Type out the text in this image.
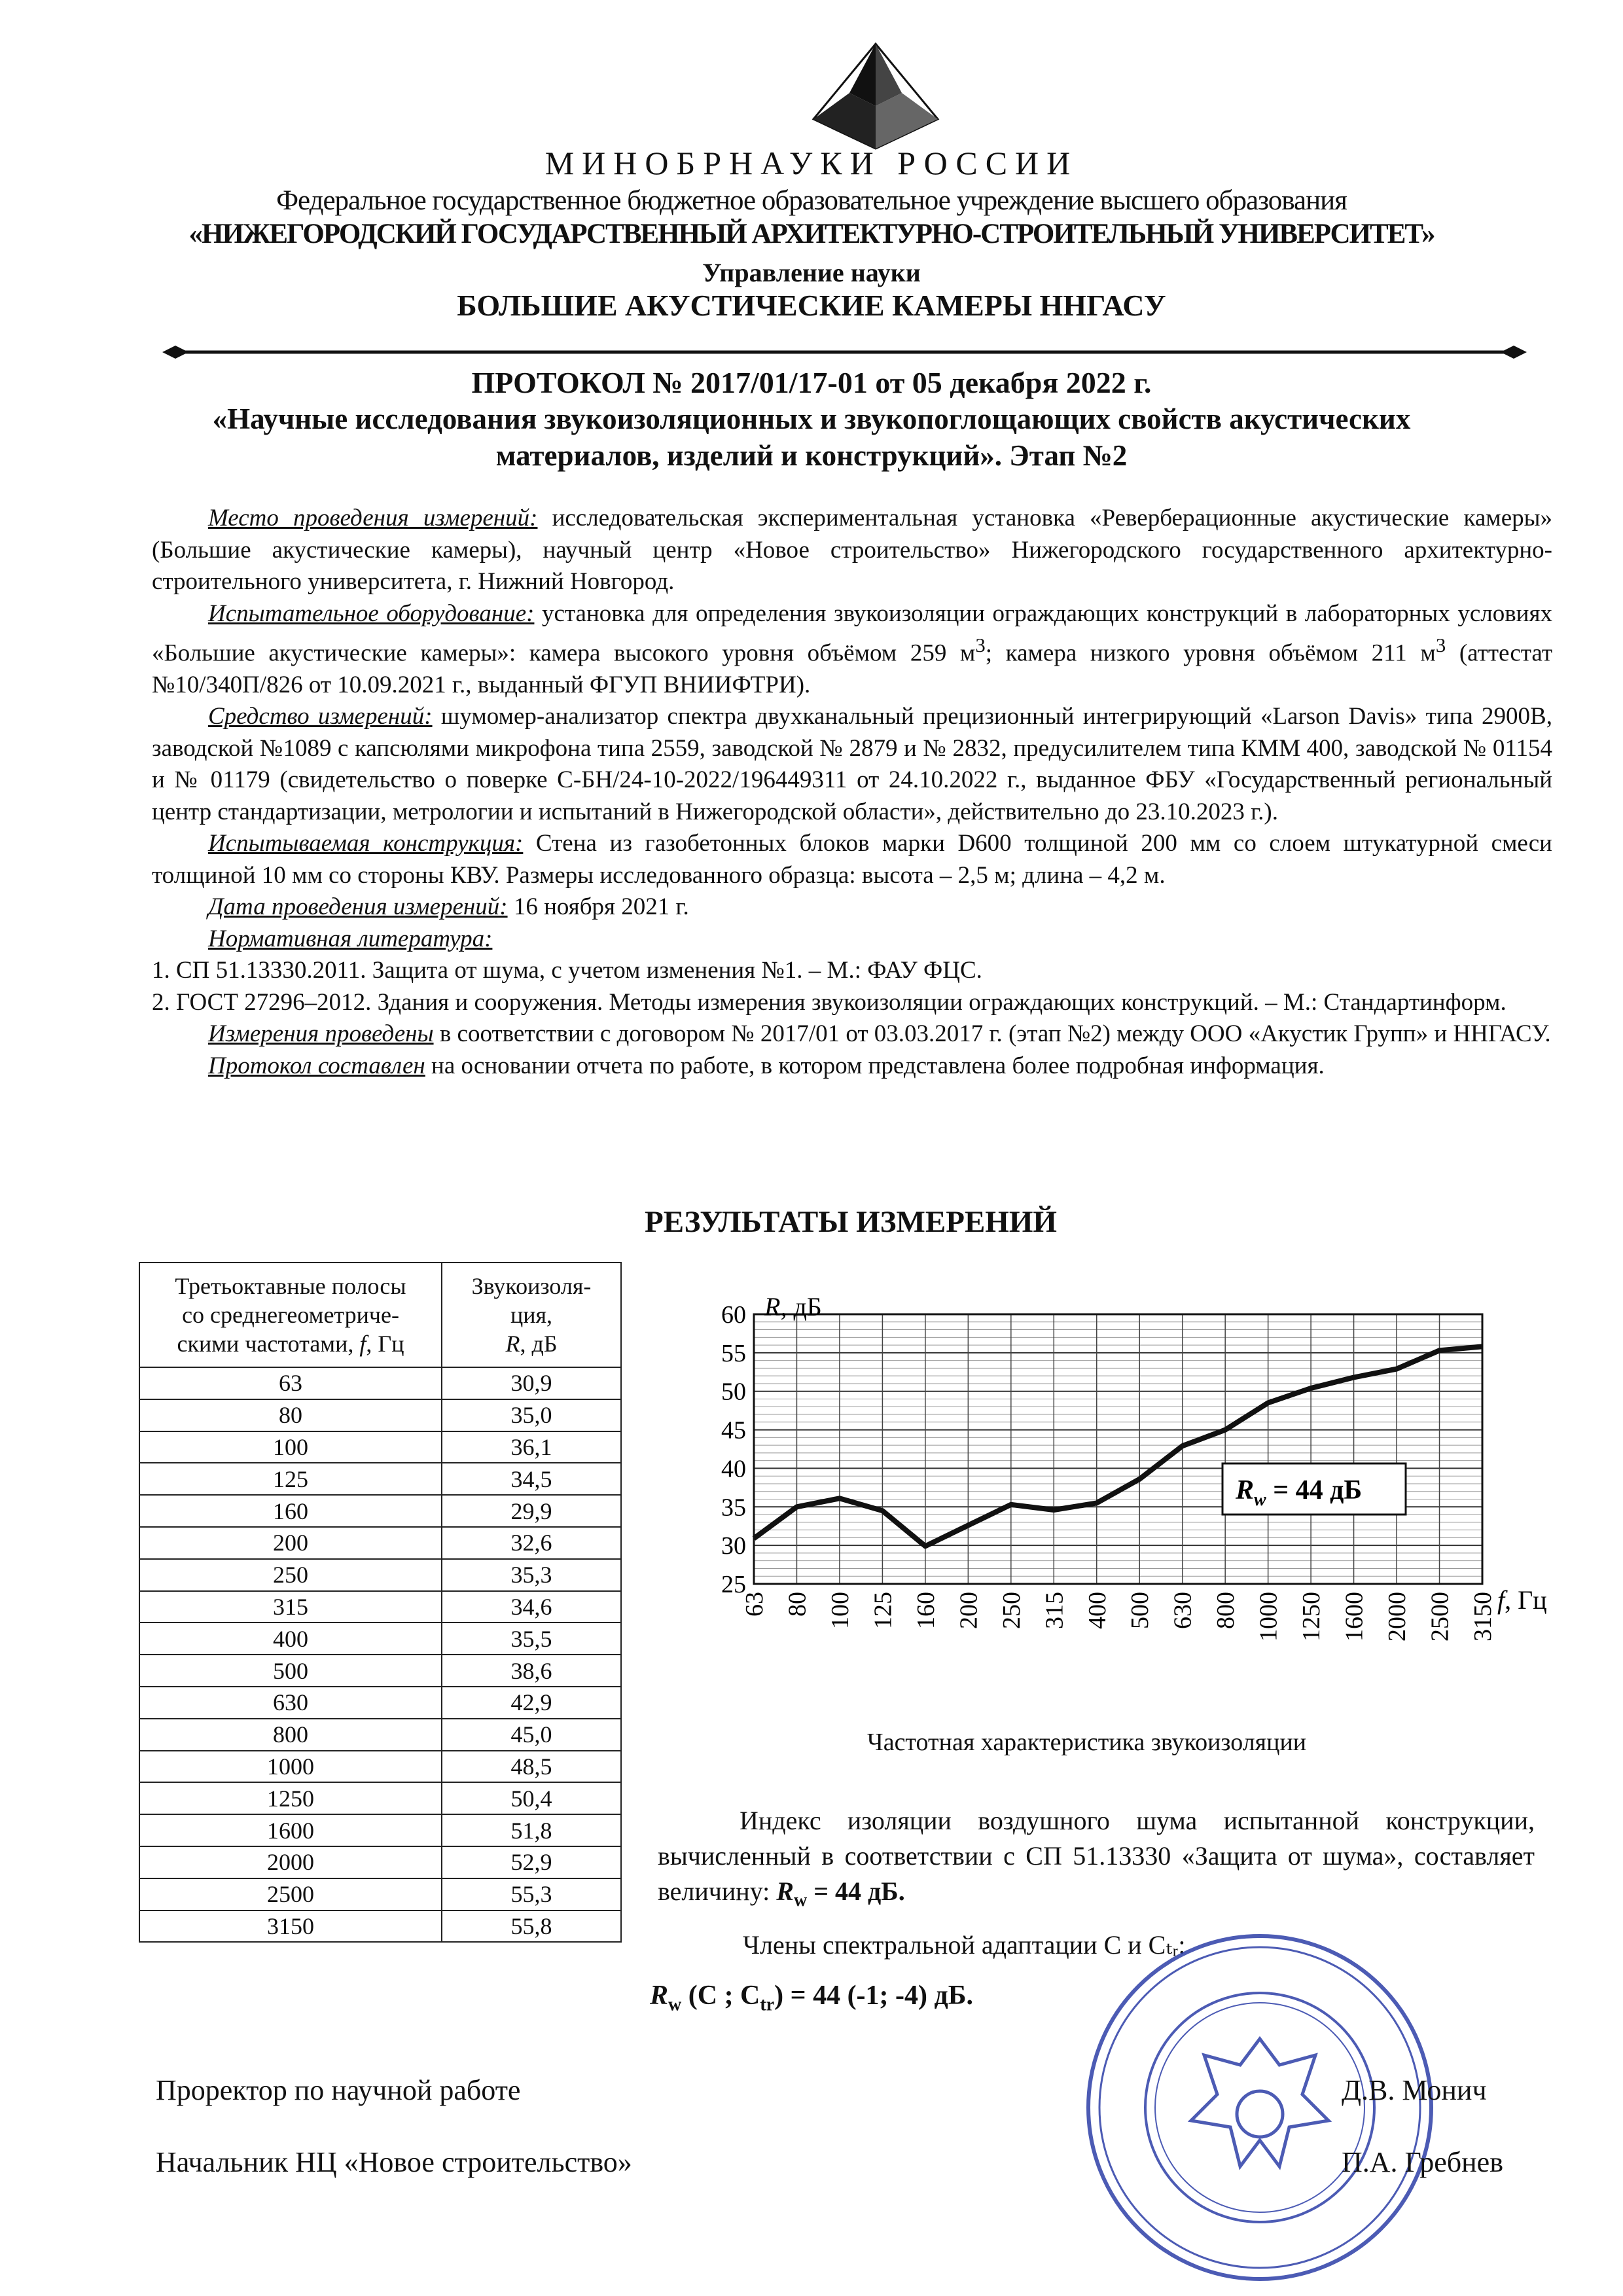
МИНОБРНАУКИ РОССИИ
Федеральное государственное бюджетное образовательное учреждение высшего образования
«НИЖЕГОРОДСКИЙ ГОСУДАРСТВЕННЫЙ АРХИТЕКТУРНО-СТРОИТЕЛЬНЫЙ УНИВЕРСИТЕТ»
Управление науки
БОЛЬШИЕ АКУСТИЧЕСКИЕ КАМЕРЫ ННГАСУ
ПРОТОКОЛ № 2017/01/17-01 от 05 декабря 2022 г.
«Научные исследования звукоизоляционных и звукопоглощающих свойств акустических
материалов, изделий и конструкций». Этап №2

Место проведения измерений: исследовательская экспериментальная установка «Реверберационные акустические камеры» (Большие акустические камеры), научный центр «Новое строительство» Нижегородского государственного архитектурно-строительного университета, г. Нижний Новгород.

Испытательное оборудование: установка для определения звукоизоляции ограждающих конструкций в лабораторных условиях «Большие акустические камеры»: камера высокого уровня объёмом 259 $м^3$; камера низкого уровня объёмом 211 $м^3$ (аттестат №10/340П/826 от 10.09.2021 г., выданный ФГУП ВНИИФТРИ).

Средство измерений: шумомер-анализатор спектра двухканальный прецизионный интегрирующий «Larson Davis» типа 2900B, заводской №1089 с капсюлями микрофона типа 2559, заводской № 2879 и № 2832, предусилителем типа КММ 400, заводской № 01154 и № 01179 (свидетельство о поверке С-БН/24-10-2022/196449311 от 24.10.2022 г., выданное ФБУ «Государственный региональный центр стандартизации, метрологии и испытаний в Нижегородской области», действительно до 23.10.2023 г.).

Испытываемая конструкция: Стена из газобетонных блоков марки D600 толщиной 200 мм со слоем штукатурной смеси толщиной 10 мм со стороны КВУ. Размеры исследованного образца: высота – 2,5 м; длина – 4,2 м.

Дата проведения измерений: 16 ноября 2021 г.

Нормативная литература:

1. СП 51.13330.2011. Защита от шума, с учетом изменения №1. – М.: ФАУ ФЦС.

2. ГОСТ 27296–2012. Здания и сооружения. Методы измерения звукоизоляции ограждающих конструкций. – М.: Стандартинформ.

Измерения проведены в соответствии с договором № 2017/01 от 03.03.2017 г. (этап №2) между ООО «Акустик Групп» и ННГАСУ.

Протокол составлен на основании отчета по работе, в котором представлена более подробная информация.

РЕЗУЛЬТАТЫ ИЗМЕРЕНИЙ
Третьоктавные полосы
со среднегеометриче-
скими частотами, f, Гц	Звукоизоля-
ция,
R, дБ
63	30,9
80	35,0
100	36,1
125	34,5
160	29,9
200	32,6
250	35,3
315	34,6
400	35,5
500	38,6
630	42,9
800	45,0
1000	48,5
1250	50,4
1600	51,8
2000	52,9
2500	55,3
3150	55,8
25
30
35
40
45
50
55
60
63 80 100 125 160 200 250 315 400 500 630 800 1000 1250 1600 2000 2500 3150
R, дБ
f, Гц
$R_w = 44$ дБ
Частотная характеристика звукоизоляции

Индекс изоляции воздушного шума испытанной конструкции, вычисленный в соответствии с СП 51.13330 «Защита от шума», составляет величину: $R_w = 44$ дБ.

Члены спектральной адаптации C и Cₜᵣ:
$R_w$ (C ; $C_{tr}) = 44$ (-1; -4) дБ.
Проректор по научной работе	Д.В. Монич
Начальник НЦ «Новое строительство»	П.А. Гребнев
